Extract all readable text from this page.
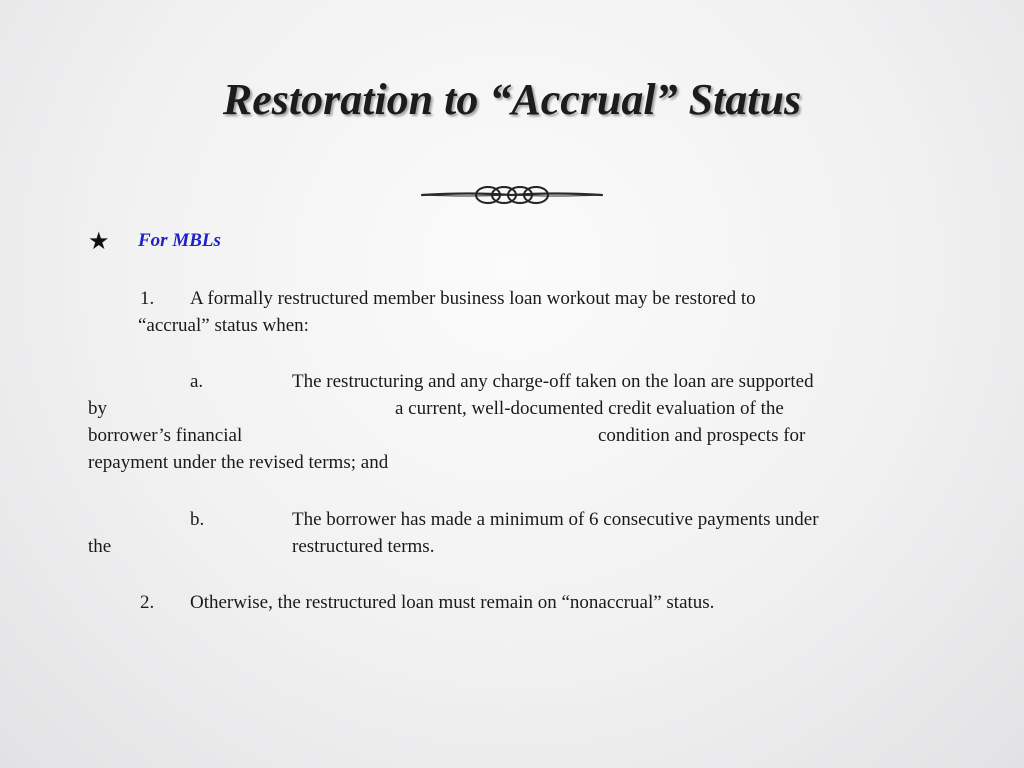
Restoration to “Accrual” Status
★ For MBLs
1. A formally restructured member business loan workout may be restored to
“accrual” status when:
a.	The restructuring and any charge-off taken on the loan are supported
by	a current, well-documented credit evaluation of the
borrower’s financial	condition and prospects for
repayment under the revised terms; and
b.	The borrower has made a minimum of 6 consecutive payments under
the	restructured terms.
2. Otherwise, the restructured loan must remain on “nonaccrual” status.
